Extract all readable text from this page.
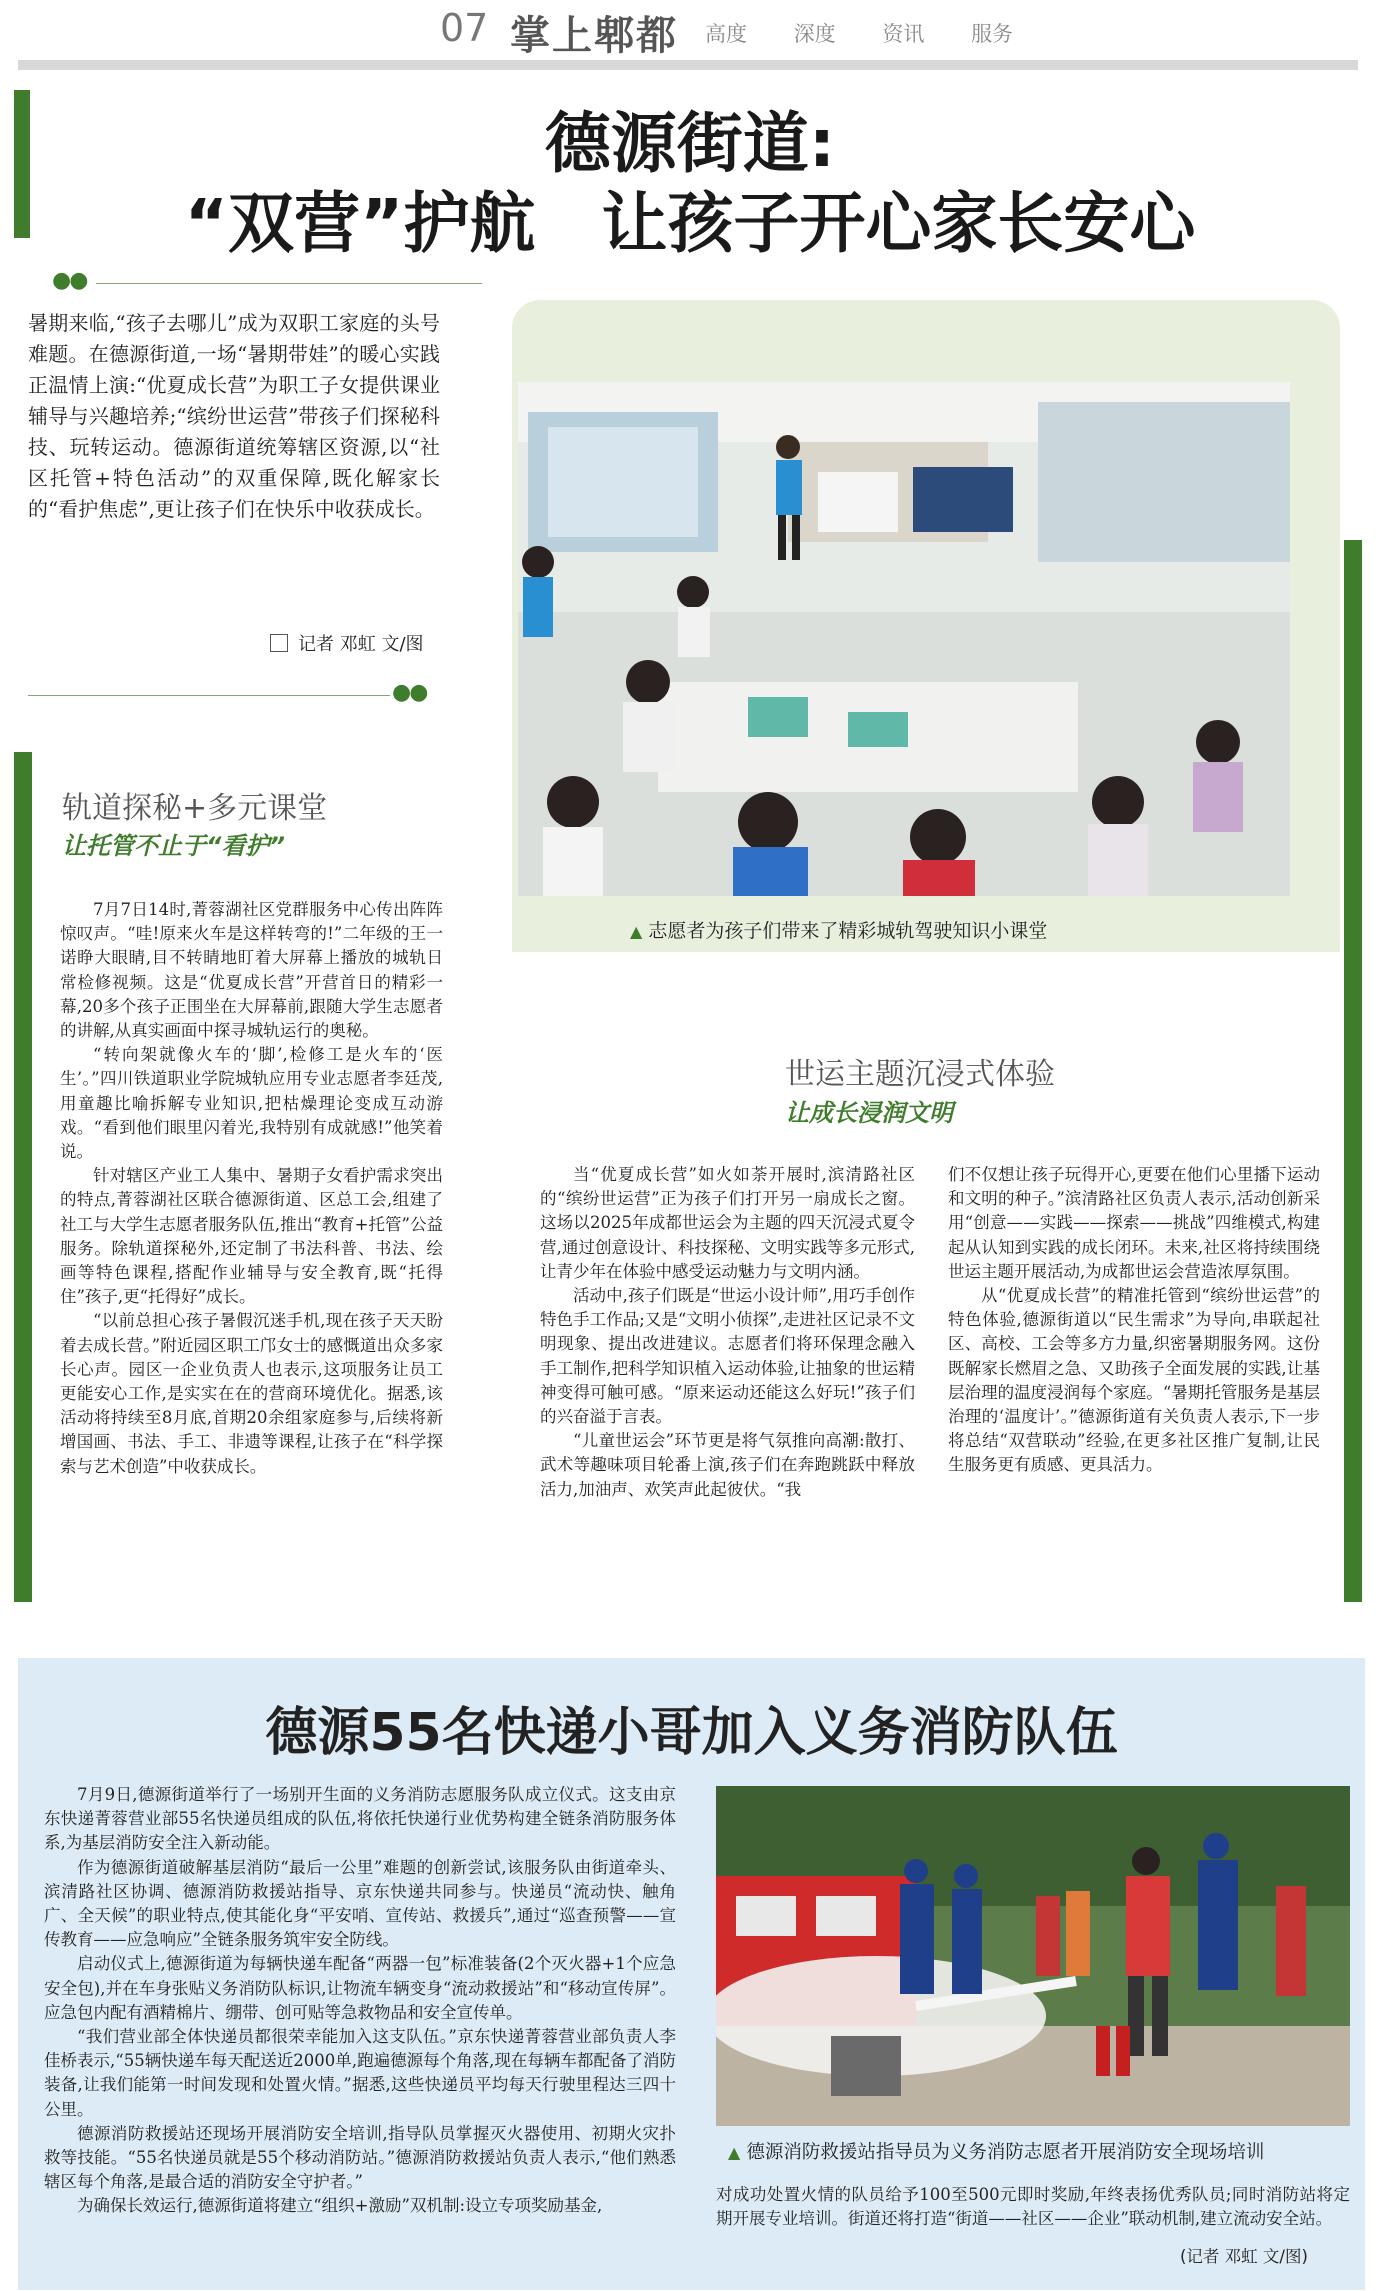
07 掌上郫都 高度 深度 资讯 服务
德源街道:
“双营”护航　让孩子开心家长安心
●●
暑期来临,“孩子去哪儿”成为双职工家庭的头号难题。在德源街道,一场“暑期带娃”的暖心实践正温情上演:“优夏成长营”为职工子女提供课业辅导与兴趣培养;“缤纷世运营”带孩子们探秘科技、玩转运动。德源街道统筹辖区资源,以“社区托管+特色活动”的双重保障,既化解家长的“看护焦虑”,更让孩子们在快乐中收获成长。
记者 邓虹 文/图
●●
▲ 志愿者为孩子们带来了精彩城轨驾驶知识小课堂
轨道探秘+多元课堂
让托管不止于“看护”

7月7日14时,菁蓉湖社区党群服务中心传出阵阵惊叹声。“哇!原来火车是这样转弯的!”二年级的王一诺睁大眼睛,目不转睛地盯着大屏幕上播放的城轨日常检修视频。这是“优夏成长营”开营首日的精彩一幕,20多个孩子正围坐在大屏幕前,跟随大学生志愿者的讲解,从真实画面中探寻城轨运行的奥秘。

“转向架就像火车的‘脚’,检修工是火车的‘医生’。”四川铁道职业学院城轨应用专业志愿者李廷茂,用童趣比喻拆解专业知识,把枯燥理论变成互动游戏。“看到他们眼里闪着光,我特别有成就感!”他笑着说。

针对辖区产业工人集中、暑期子女看护需求突出的特点,菁蓉湖社区联合德源街道、区总工会,组建了社工与大学生志愿者服务队伍,推出“教育+托管”公益服务。除轨道探秘外,还定制了书法科普、书法、绘画等特色课程,搭配作业辅导与安全教育,既“托得住”孩子,更“托得好”成长。

“以前总担心孩子暑假沉迷手机,现在孩子天天盼着去成长营。”附近园区职工邝女士的感慨道出众多家长心声。园区一企业负责人也表示,这项服务让员工更能安心工作,是实实在在的营商环境优化。据悉,该活动将持续至8月底,首期20余组家庭参与,后续将新增国画、书法、手工、非遗等课程,让孩子在“科学探索与艺术创造”中收获成长。

世运主题沉浸式体验
让成长浸润文明

当“优夏成长营”如火如荼开展时,滨清路社区的“缤纷世运营”正为孩子们打开另一扇成长之窗。这场以2025年成都世运会为主题的四天沉浸式夏令营,通过创意设计、科技探秘、文明实践等多元形式,让青少年在体验中感受运动魅力与文明内涵。

活动中,孩子们既是“世运小设计师”,用巧手创作特色手工作品;又是“文明小侦探”,走进社区记录不文明现象、提出改进建议。志愿者们将环保理念融入手工制作,把科学知识植入运动体验,让抽象的世运精神变得可触可感。“原来运动还能这么好玩!”孩子们的兴奋溢于言表。

“儿童世运会”环节更是将气氛推向高潮:散打、武术等趣味项目轮番上演,孩子们在奔跑跳跃中释放活力,加油声、欢笑声此起彼伏。“我

们不仅想让孩子玩得开心,更要在他们心里播下运动和文明的种子。”滨清路社区负责人表示,活动创新采用“创意——实践——探索——挑战”四维模式,构建起从认知到实践的成长闭环。未来,社区将持续围绕世运主题开展活动,为成都世运会营造浓厚氛围。

从“优夏成长营”的精准托管到“缤纷世运营”的特色体验,德源街道以“民生需求”为导向,串联起社区、高校、工会等多方力量,织密暑期服务网。这份既解家长燃眉之急、又助孩子全面发展的实践,让基层治理的温度浸润每个家庭。“暑期托管服务是基层治理的‘温度计’。”德源街道有关负责人表示,下一步将总结“双营联动”经验,在更多社区推广复制,让民生服务更有质感、更具活力。

德源55名快递小哥加入义务消防队伍

7月9日,德源街道举行了一场别开生面的义务消防志愿服务队成立仪式。这支由京东快递菁蓉营业部55名快递员组成的队伍,将依托快递行业优势构建全链条消防服务体系,为基层消防安全注入新动能。

作为德源街道破解基层消防“最后一公里”难题的创新尝试,该服务队由街道牵头、滨清路社区协调、德源消防救援站指导、京东快递共同参与。快递员“流动快、触角广、全天候”的职业特点,使其能化身“平安哨、宣传站、救援兵”,通过“巡查预警——宣传教育——应急响应”全链条服务筑牢安全防线。

启动仪式上,德源街道为每辆快递车配备“两器一包”标准装备(2个灭火器+1个应急安全包),并在车身张贴义务消防队标识,让物流车辆变身“流动救援站”和“移动宣传屏”。应急包内配有酒精棉片、绷带、创可贴等急救物品和安全宣传单。

“我们营业部全体快递员都很荣幸能加入这支队伍。”京东快递菁蓉营业部负责人李佳桥表示,“55辆快递车每天配送近2000单,跑遍德源每个角落,现在每辆车都配备了消防装备,让我们能第一时间发现和处置火情。”据悉,这些快递员平均每天行驶里程达三四十公里。

德源消防救援站还现场开展消防安全培训,指导队员掌握灭火器使用、初期火灾扑救等技能。“55名快递员就是55个移动消防站。”德源消防救援站负责人表示,“他们熟悉辖区每个角落,是最合适的消防安全守护者。”

为确保长效运行,德源街道将建立“组织+激励”双机制:设立专项奖励基金,

▲ 德源消防救援站指导员为义务消防志愿者开展消防安全现场培训

对成功处置火情的队员给予100至500元即时奖励,年终表扬优秀队员;同时消防站将定期开展专业培训。街道还将打造“街道——社区——企业”联动机制,建立流动安全站。

(记者 邓虹 文/图)
